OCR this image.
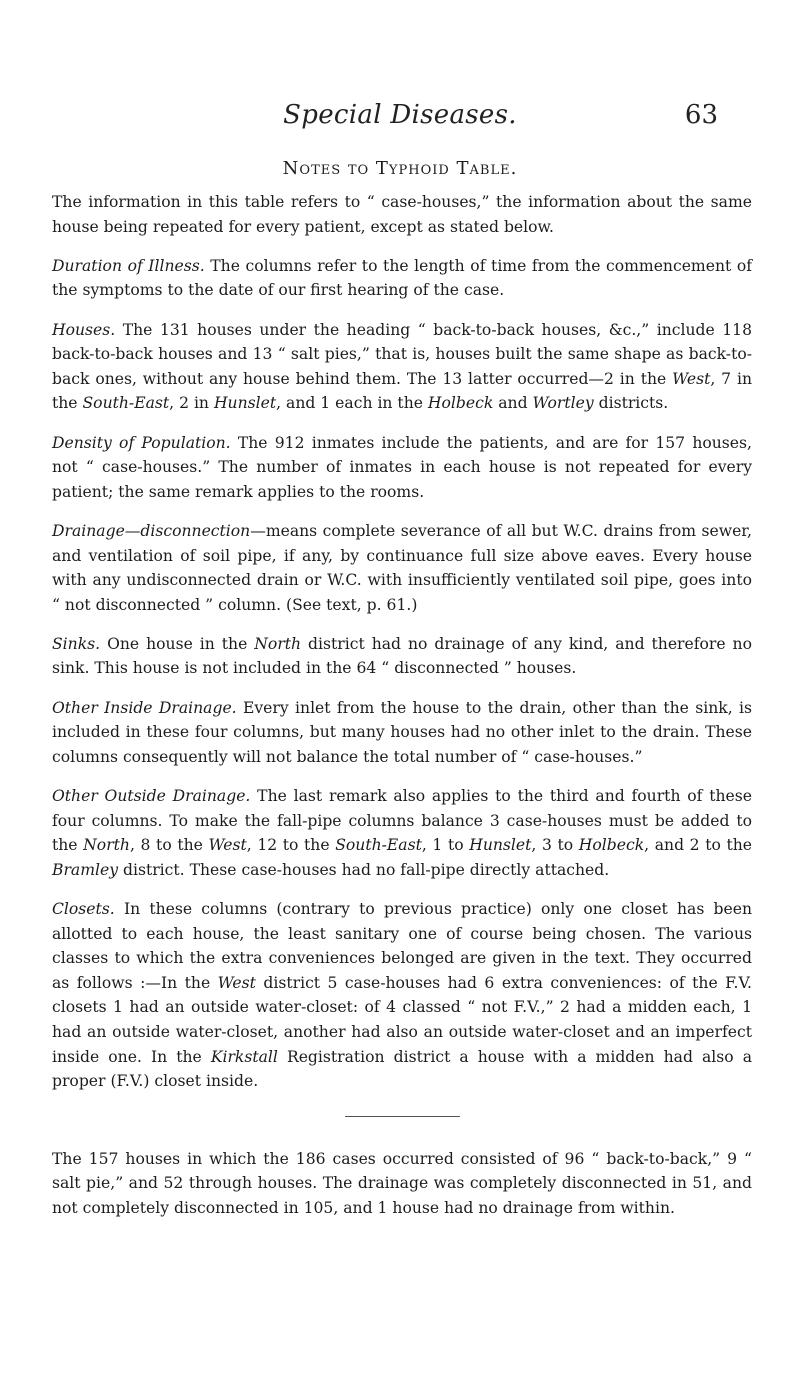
Special Diseases.	63
Notes to Typhoid Table.

The information in this table refers to “ case-houses,” the information about the same house being repeated for every patient, except as stated below.

Duration of Illness. The columns refer to the length of time from the commencement of the symptoms to the date of our first hearing of the case.

Houses. The 131 houses under the heading “ back-to-back houses, &c.,” include 118 back-to-back houses and 13 “ salt pies,” that is, houses built the same shape as back-to-back ones, without any house behind them. The 13 latter occurred—2 in the West, 7 in the South-East, 2 in Hunslet, and 1 each in the Holbeck and Wortley districts.

Density of Population. The 912 inmates include the patients, and are for 157 houses, not “ case-houses.” The number of inmates in each house is not repeated for every patient; the same remark applies to the rooms.

Drainage—disconnection—means complete severance of all but W.C. drains from sewer, and ventilation of soil pipe, if any, by continuance full size above eaves. Every house with any undisconnected drain or W.C. with insufficiently ventilated soil pipe, goes into “ not disconnected ” column. (See text, p. 61.)

Sinks. One house in the North district had no drainage of any kind, and therefore no sink. This house is not included in the 64 “ disconnected ” houses.

Other Inside Drainage. Every inlet from the house to the drain, other than the sink, is included in these four columns, but many houses had no other inlet to the drain. These columns consequently will not balance the total number of “ case-houses.”

Other Outside Drainage. The last remark also applies to the third and fourth of these four columns. To make the fall-pipe columns balance 3 case-houses must be added to the North, 8 to the West, 12 to the South-East, 1 to Hunslet, 3 to Holbeck, and 2 to the Bramley district. These case-houses had no fall-pipe directly attached.

Closets. In these columns (contrary to previous practice) only one closet has been allotted to each house, the least sanitary one of course being chosen. The various classes to which the extra conveniences belonged are given in the text. They occurred as follows :—In the West district 5 case-houses had 6 extra conveniences: of the F.V. closets 1 had an outside water-closet: of 4 classed “ not F.V.,” 2 had a midden each, 1 had an outside water-closet, another had also an outside water-closet and an imperfect inside one. In the Kirkstall Registration district a house with a midden had also a proper (F.V.) closet inside.

The 157 houses in which the 186 cases occurred consisted of 96 “ back-to-back,” 9 “ salt pie,” and 52 through houses. The drainage was completely disconnected in 51, and not completely disconnected in 105, and 1 house had no drainage from within.
